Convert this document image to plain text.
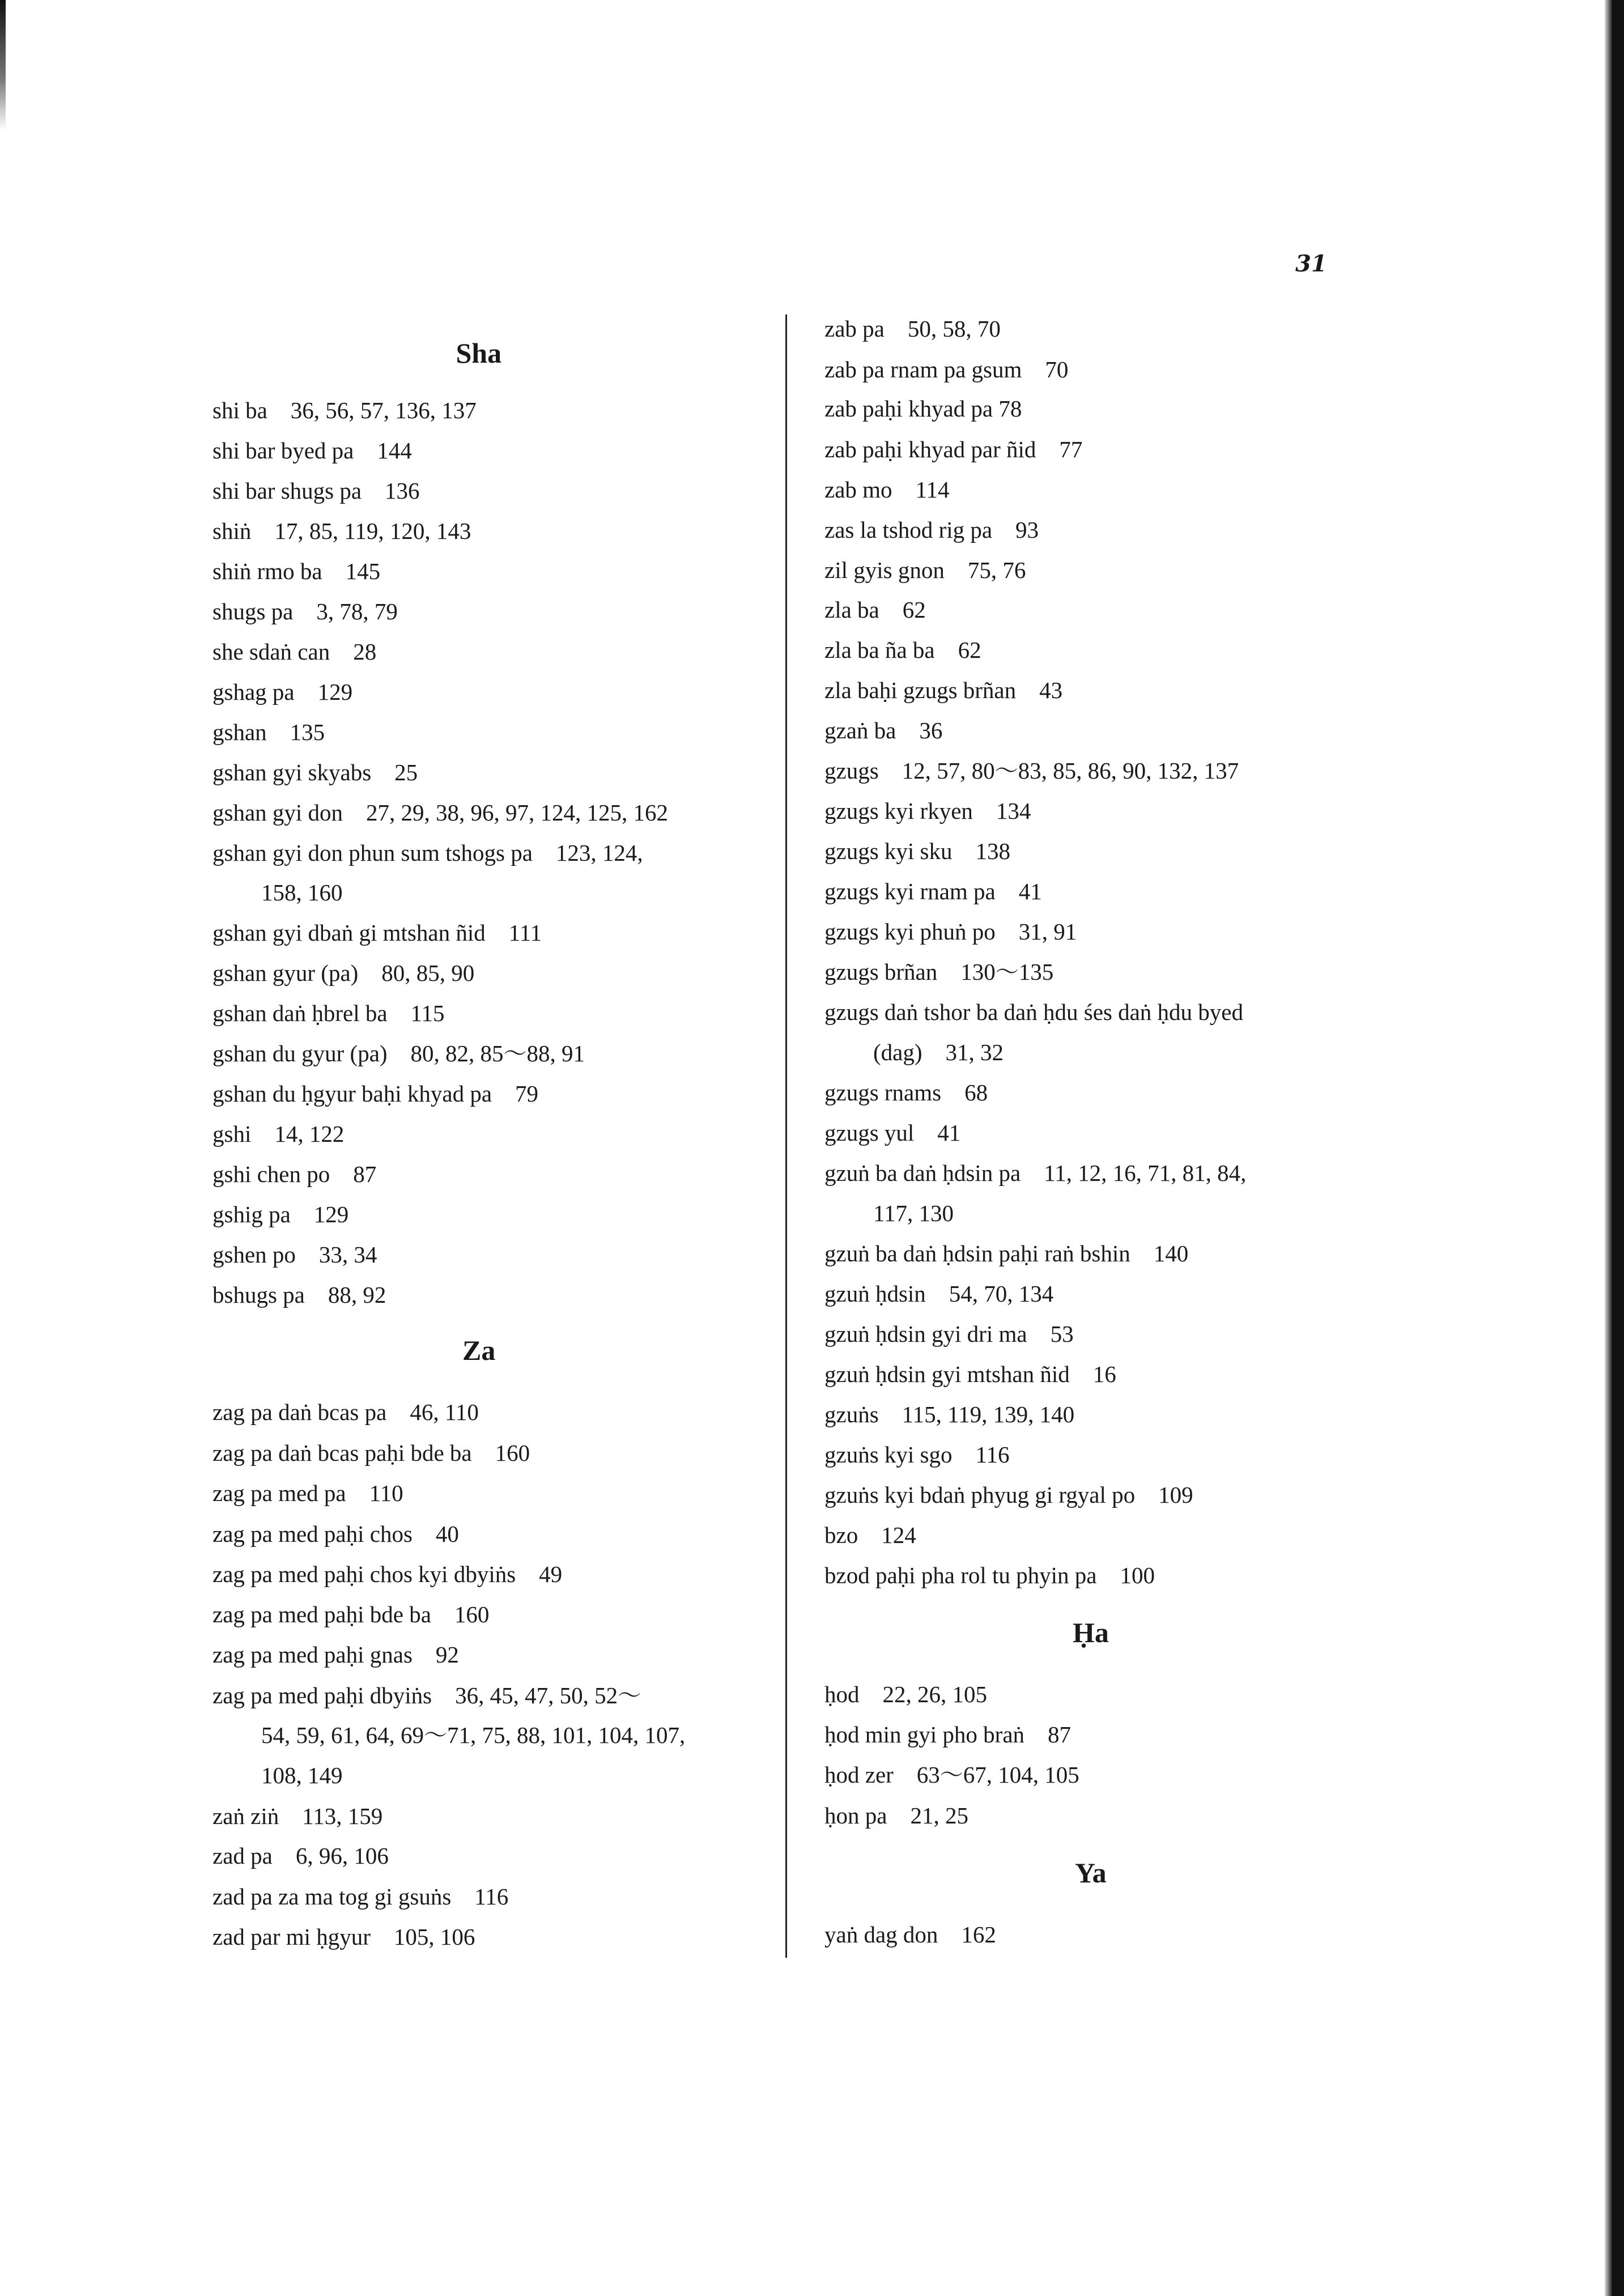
31
Sha
shi ba　36, 56, 57, 136, 137
shi bar byed pa　144
shi bar shugs pa　136
shiṅ　17, 85, 119, 120, 143
shiṅ rmo ba　145
shugs pa　3, 78, 79
she sdaṅ can　28
gshag pa　129
gshan　135
gshan gyi skyabs　25
gshan gyi don　27, 29, 38, 96, 97, 124, 125, 162
gshan gyi don phun sum tshogs pa　123, 124,
158, 160
gshan gyi dbaṅ gi mtshan ñid　111
gshan gyur (pa)　80, 85, 90
gshan daṅ ḥbrel ba　115
gshan du gyur (pa)　80, 82, 85〜88, 91
gshan du ḥgyur baḥi khyad pa　79
gshi　14, 122
gshi chen po　87
gshig pa　129
gshen po　33, 34
bshugs pa　88, 92
Za
zag pa daṅ bcas pa　46, 110
zag pa daṅ bcas paḥi bde ba　160
zag pa med pa　110
zag pa med paḥi chos　40
zag pa med paḥi chos kyi dbyiṅs　49
zag pa med paḥi bde ba　160
zag pa med paḥi gnas　92
zag pa med paḥi dbyiṅs　36, 45, 47, 50, 52〜
54, 59, 61, 64, 69〜71, 75, 88, 101, 104, 107,
108, 149
zaṅ ziṅ　113, 159
zad pa　6, 96, 106
zad pa za ma tog gi gsuṅs　116
zad par mi ḥgyur　105, 106
zab pa　50, 58, 70
zab pa rnam pa gsum　70
zab paḥi khyad pa 78
zab paḥi khyad par ñid　77
zab mo　114
zas la tshod rig pa　93
zil gyis gnon　75, 76
zla ba　62
zla ba ña ba　62
zla baḥi gzugs brñan　43
gzaṅ ba　36
gzugs　12, 57, 80〜83, 85, 86, 90, 132, 137
gzugs kyi rkyen　134
gzugs kyi sku　138
gzugs kyi rnam pa　41
gzugs kyi phuṅ po　31, 91
gzugs brñan　130〜135
gzugs daṅ tshor ba daṅ ḥdu śes daṅ ḥdu byed
(dag)　31, 32
gzugs rnams　68
gzugs yul　41
gzuṅ ba daṅ ḥdsin pa　11, 12, 16, 71, 81, 84,
117, 130
gzuṅ ba daṅ ḥdsin paḥi raṅ bshin　140
gzuṅ ḥdsin　54, 70, 134
gzuṅ ḥdsin gyi dri ma　53
gzuṅ ḥdsin gyi mtshan ñid　16
gzuṅs　115, 119, 139, 140
gzuṅs kyi sgo　116
gzuṅs kyi bdaṅ phyug gi rgyal po　109
bzo　124
bzod paḥi pha rol tu phyin pa　100
Ḥa
ḥod　22, 26, 105
ḥod min gyi pho braṅ　87
ḥod zer　63〜67, 104, 105
ḥon pa　21, 25
Ya
yaṅ dag don　162
